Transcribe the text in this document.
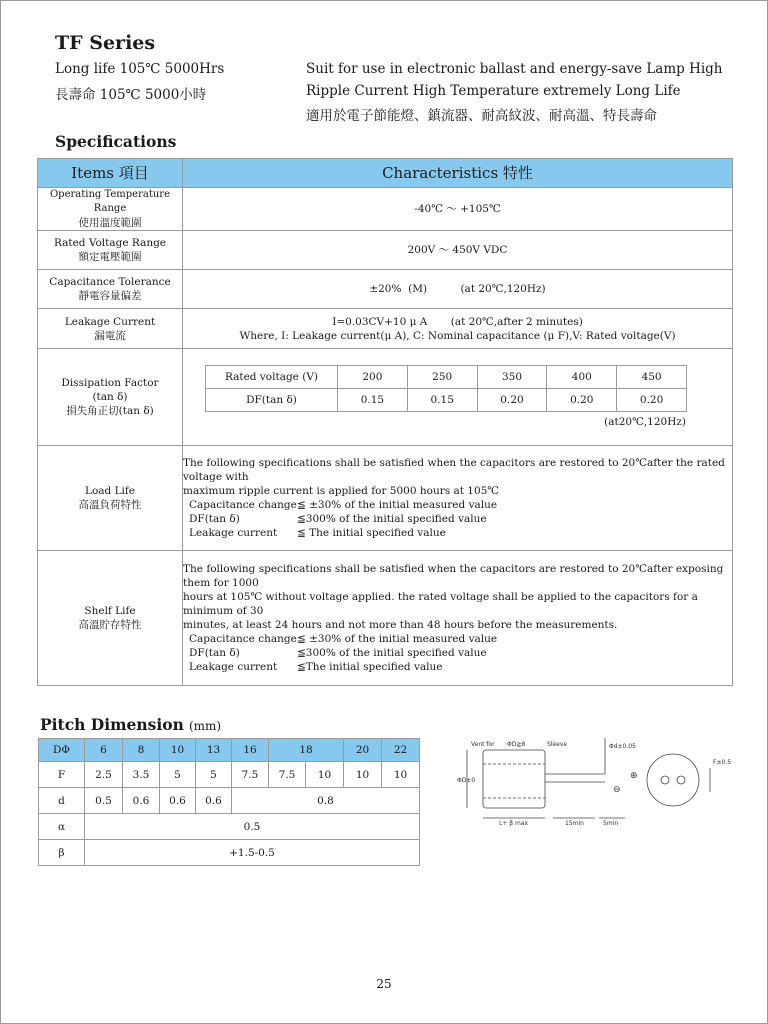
TF Series
Long life 105℃ 5000Hrs
長壽命 105℃ 5000小時
Suit for use in electronic ballast and energy-save Lamp High
Ripple Current High Temperature extremely Long Life
適用於電子節能燈、鎮流器、耐高紋波、耐高溫、特長壽命
Specifications
Items 項目	Characteristics 特性

Operating Temperature Range
使用溫度範圍
	-40℃ ～ +105℃

Rated Voltage Range
額定電壓範圍
	200V ～ 450V VDC

Capacitance Tolerance
靜電容量偏差
	±20%  (M)          (at 20℃,120Hz)

Leakage Current
漏電流

I=0.03CV+10 μ A       (at 20℃,after 2 minutes)
Where, I: Leakage current(μ A), C: Nominal capacitance (μ F),V: Rated voltage(V)

Dissipation Factor
(tan δ)
損失角正切(tan δ)

Rated voltage (V)	200	250	350	400	450
DF(tan δ)	0.15	0.15	0.20	0.20	0.20
(at20℃,120Hz)

Load Life
高溫負荷特性

The following specifications shall be satisfied when the capacitors are restored to 20℃after the rated voltage with
maximum ripple current is applied for 5000 hours at 105℃
Capacitance change ≦ ±30% of the initial measured value
DF(tan δ)	≦300% of the initial specified value
Leakage current	≦ The initial specified value

Shelf Life
高溫貯存特性

The following specifications shall be satisfied when the capacitors are restored to 20℃after exposing them for 1000
hours at 105℃ without voltage applied. the rated voltage shall be applied to the capacitors for a minimum of 30
minutes, at least 24 hours and not more than 48 hours before the measurements.
Capacitance change ≦ ±30% of the initial measured value
DF(tan δ)	≦300% of the initial specified value
Leakage current	≦The initial specified value
Pitch Dimension (mm)
DΦ	6	8	10	13	16	18		20	22
F	2.5	3.5	5	5	7.5	7.5	10	10	10
d	0.5	0.6	0.6	0.6	0.8				
α	0.5								
β	+1.5-0.5								
Vent for ΦD≧8	Sleeve	Φd±0.05
ΦD±0
L+ β max	15min	5min
F±0.5
⊕
⊖
25
